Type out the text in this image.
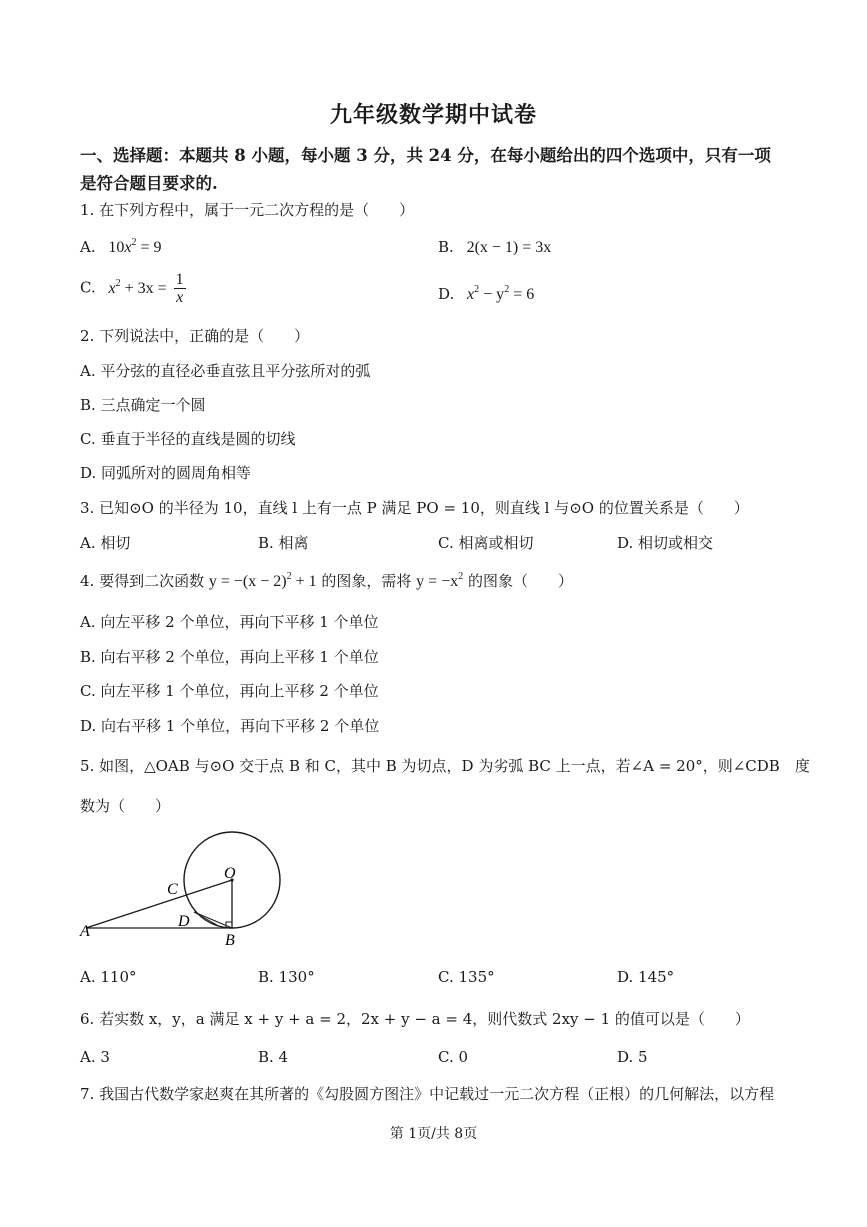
九年级数学期中试卷
一、选择题：本题共 8 小题，每小题 3 分，共 24 分，在每小题给出的四个选项中，只有一项
是符合题目要求的.
1. 在下列方程中，属于一元二次方程的是（　　）
A. $10x^2 = 9$	B. 2(x − 1) = 3x
C. $x^2 + 3x = \frac{1}{x}$	D. $x^2 - y^2 = 6$
2. 下列说法中，正确的是（　　）
A. 平分弦的直径必垂直弦且平分弦所对的弧
B. 三点确定一个圆
C. 垂直于半径的直线是圆的切线
D. 同弧所对的圆周角相等
3. 已知⊙O 的半径为 10，直线 l 上有一点 P 满足 PO = 10，则直线 l 与⊙O 的位置关系是（　　）
A. 相切	B. 相离	C. 相离或相切	D. 相切或相交
4. 要得到二次函数 $y = -(x - 2)^2 + 1$ 的图象，需将 $y = -x^2$ 的图象（　　）
A. 向左平移 2 个单位，再向下平移 1 个单位
B. 向右平移 2 个单位，再向上平移 1 个单位
C. 向左平移 1 个单位，再向上平移 2 个单位
D. 向右平移 1 个单位，再向下平移 2 个单位
5. 如图，△OAB 与⊙O 交于点 B 和 C，其中 B 为切点，D 为劣弧 BC 上一点，若∠A = 20°，则∠CDB　度
数为（　　）
O
C
D
A
B
A. 110°	B. 130°	C. 135°	D. 145°
6. 若实数 x，y，a 满足 x + y + a = 2，2x + y − a = 4，则代数式 2xy − 1 的值可以是（　　）
A. 3	B. 4	C. 0	D. 5
7. 我国古代数学家赵爽在其所著的《勾股圆方图注》中记载过一元二次方程（正根）的几何解法，以方程
第 1页/共 8页
